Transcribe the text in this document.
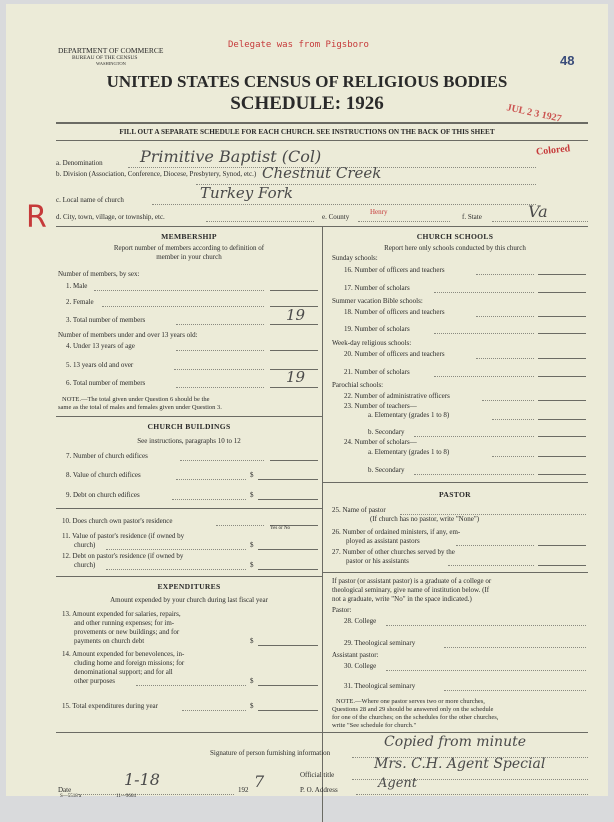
DEPARTMENT OF COMMERCE
BUREAU OF THE CENSUS
WASHINGTON
Delegate was from Pigsboro
48
UNITED STATES CENSUS OF RELIGIOUS BODIES
SCHEDULE: 1926	JUL 2 3 1927
FILL OUT A SEPARATE SCHEDULE FOR EACH CHURCH. SEE INSTRUCTIONS ON THE BACK OF THIS SHEET
Colored
a. Denomination Primitive Baptist (Col)
b. Division (Association, Conference, Diocese, Presbytery, Synod, etc.) Chestnut Creek
c. Local name of church	Turkey Fork
R d. City, town, village, or township, etc.	e. County
Henry
f. State	Va
MEMBERSHIP
Report number of members according to definition of
member in your church
Number of members, by sex:
1. Male
2. Female
3. Total number of members	19
Number of members under and over 13 years old:
4. Under 13 years of age
5. 13 years old and over
6. Total number of members	19
NOTE.—The total given under Question 6 should be the
same as the total of males and females given under Question 3.
CHURCH BUILDINGS
See instructions, paragraphs 10 to 12
7. Number of church edifices
8. Value of church edifices	$
9. Debt on church edifices	$
10. Does church own pastor's residence
Yes or No
11. Value of pastor's residence (if owned by
church)	$
12. Debt on pastor's residence (if owned by
church)	$
EXPENDITURES
Amount expended by your church during last fiscal year
13. Amount expended for salaries, repairs,
and other running expenses; for im-
provements or new buildings; and for
payments on church debt	$
14. Amount expended for benevolences, in-
cluding home and foreign missions; for
denominational support; and for all
other purposes	$
15. Total expenditures during year	$
CHURCH SCHOOLS
Report here only schools conducted by this church
Sunday schools:
16. Number of officers and teachers
17. Number of scholars
Summer vacation Bible schools:
18. Number of officers and teachers
19. Number of scholars
Week-day religious schools:
20. Number of officers and teachers
21. Number of scholars
Parochial schools:
22. Number of administrative officers
23. Number of teachers—
a. Elementary (grades 1 to 8)
b. Secondary
24. Number of scholars—
a. Elementary (grades 1 to 8)
b. Secondary
PASTOR
25. Name of pastor
(If church has no pastor, write "None")
26. Number of ordained ministers, if any, em-
ployed as assistant pastors
27. Number of other churches served by the
pastor or his assistants
If pastor (or assistant pastor) is a graduate of a college or
theological seminary, give name of institution below. (If
not a graduate, write "No" in the space indicated.)
Pastor:
28. College
29. Theological seminary
Assistant pastor:
30. College
31. Theological seminary
NOTE.—Where one pastor serves two or more churches,
Questions 28 and 29 should be answered only on the schedule
for one of the churches; on the schedules for the other churches,
write "See schedule for church."
Signature of person furnishing information
Copied from minute
Official title
Mrs. C.H. Agent Special
Date
1-18
192 7	P. O. Address	Agent
S—5518 a	11—9664
